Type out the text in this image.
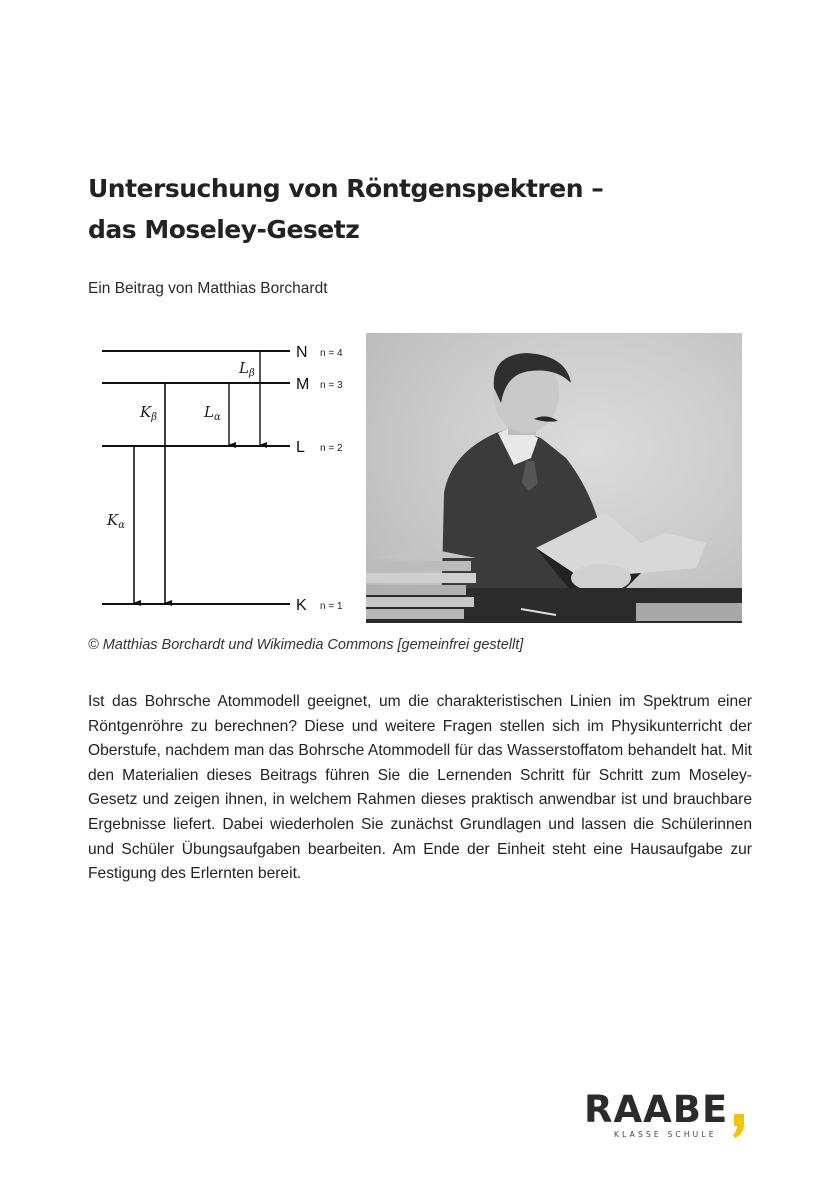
Untersuchung von Röntgenspektren –
das Moseley-Gesetz
Ein Beitrag von Matthias Borchardt
N
M
L
K
n = 4
n = 3
n = 2
n = 1
$K_\alpha$
$K_\beta$	$L_\alpha$
$L_\beta$
© Matthias Borchardt und Wikimedia Commons [gemeinfrei gestellt]
Ist das Bohrsche Atommodell geeignet, um die charakteristischen Linien im Spektrum einer Röntgenröhre zu berechnen? Diese und weitere Fragen stellen sich im Physikunterricht der Oberstufe, nachdem man das Bohrsche Atommodell für das Wasserstoffatom behandelt hat. Mit den Materialien dieses Beitrags führen Sie die Lernenden Schritt für Schritt zum Moseley-Gesetz und zeigen ihnen, in welchem Rahmen dieses praktisch anwendbar ist und brauchbare Ergebnisse liefert. Dabei wiederholen Sie zunächst Grundlagen und lassen die Schülerinnen und Schüler Übungsaufgaben bearbeiten. Am Ende der Einheit steht eine Hausaufgabe zur Festigung des Erlernten bereit.
RAABE
KLASSE SCHULE
